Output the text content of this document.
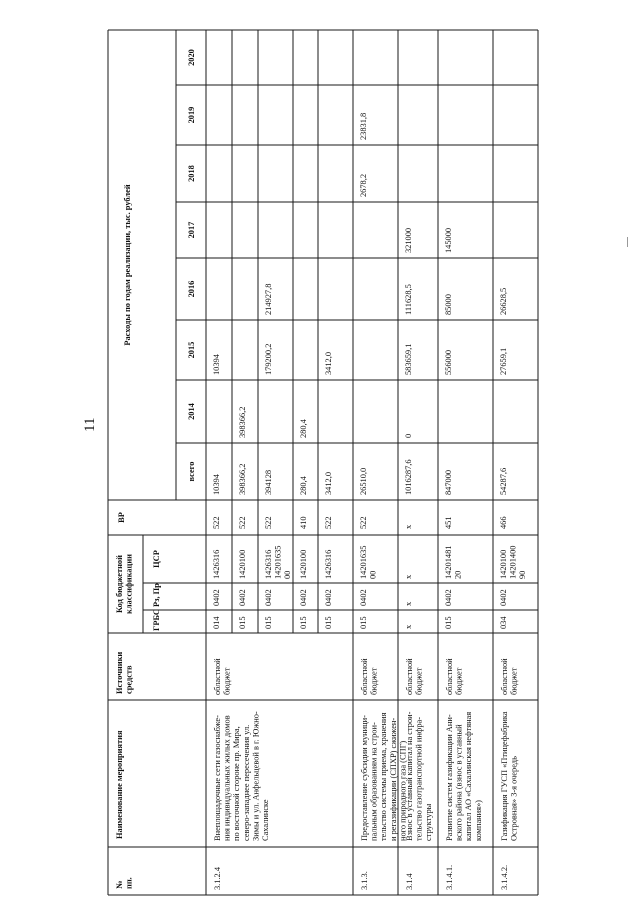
11
№пп.
Наименование мероприятия
Источникисредств
Код бюджетнойклассификации
ГРБС
Рз, Пр
ЦСР
ВР
Расходы по годам реализации, тыс. рублей
всего
2014
2015
2016
2017
2018
2019
2020
3.1.2.4
Внеплощадочные сети газоснабже-ния индивидуальных жилых домовпо восточной стороне пр. Мира,северо-западнее пересечения ул.Зимы и ул. Анфельцевой в г. Южно-Сахалинске
областнойбюджет
014
0402
1426316
522
10394
10394
015
0402
1420100
522
398366,2
398366,2
015
0402
14263161420163500
522
394128
179200,2
214927,8
015
0402
1420100
410
280,4
280,4
015
0402
1426316
522
3412,0
3412,0
3.1.3.
Предоставление субсидии муници-пальным образованиям на строи-тельство системы приема, храненияи регазификации (СПХР) сжижен-ного природного газа (СПГ)
областнойбюджет
015
0402
1420163500
522
26510,0
2678,2
23831,8
3.1.4
Взнос в уставный капитал на строи-тельство газотранспортной инфра-структуры
областнойбюджет
x
x
x
x
1016287,6
0
583659,1
111628,5
321000
3.1.4.1.
Развитие систем газификации Ани-вского района (взнос в уставныйкапитал АО «Сахалинская нефтянаякомпания»)
областнойбюджет
015
0402
1420148120
451
847000
556000
85000
145000
3.1.4.2.
Газификация ГУСП «ПтицефабрикаОстровная» 3-я очередь
областнойбюджет
034
0402
14201001420140090
466
54287,6
27659,1
26628,5
